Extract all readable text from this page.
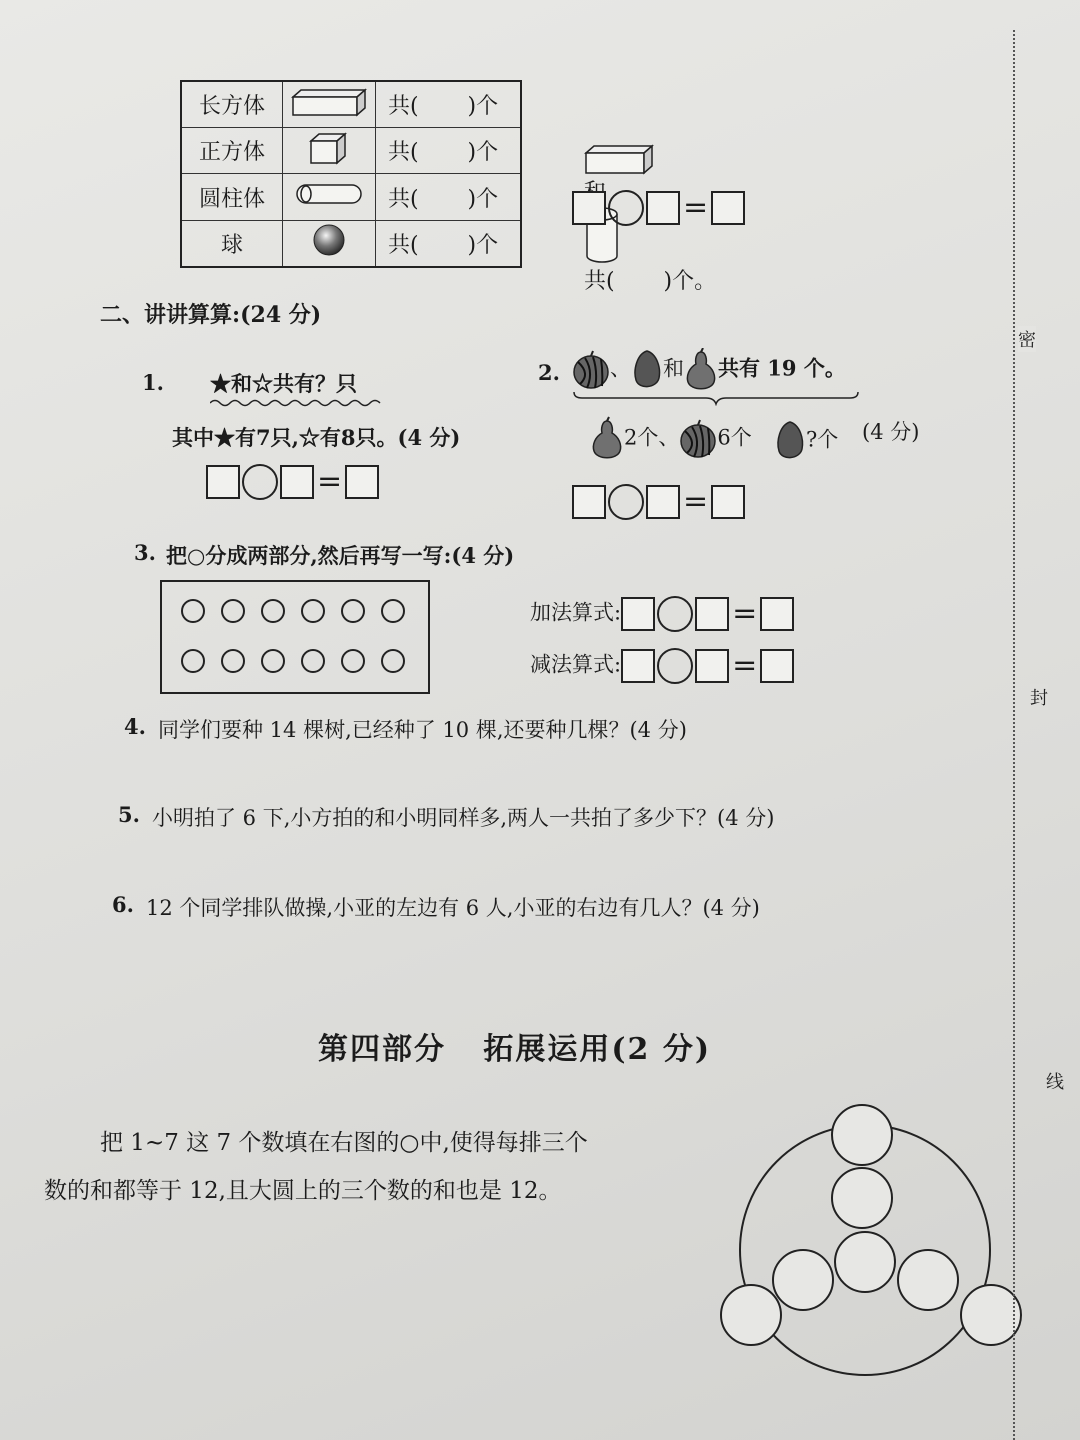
长方体		共(       )个
正方体		共(       )个
圆柱体		共(       )个
球		共(       )个

共(       )个。

=
二、讲讲算算:(24 分)
1. ★和☆共有？只
其中★有7只,☆有8只。(4 分)
=
2.	、 和 共有 19 个。
2个、 6个	?个 (4 分)
=
3. 把○分成两部分,然后再写一写:(4 分)
加法算式:	=
减法算式:	=
4. 同学们要种 14 棵树,已经种了 10 棵,还要种几棵？(4 分)
5. 小明拍了 6 下,小方拍的和小明同样多,两人一共拍了多少下？(4 分)
6. 12 个同学排队做操,小亚的左边有 6 人,小亚的右边有几人？(4 分)
第四部分   拓展运用(2 分)
把 1~7 这 7 个数填在右图的○中,使得每排三个
数的和都等于 12,且大圆上的三个数的和也是 12。
密
封
线
